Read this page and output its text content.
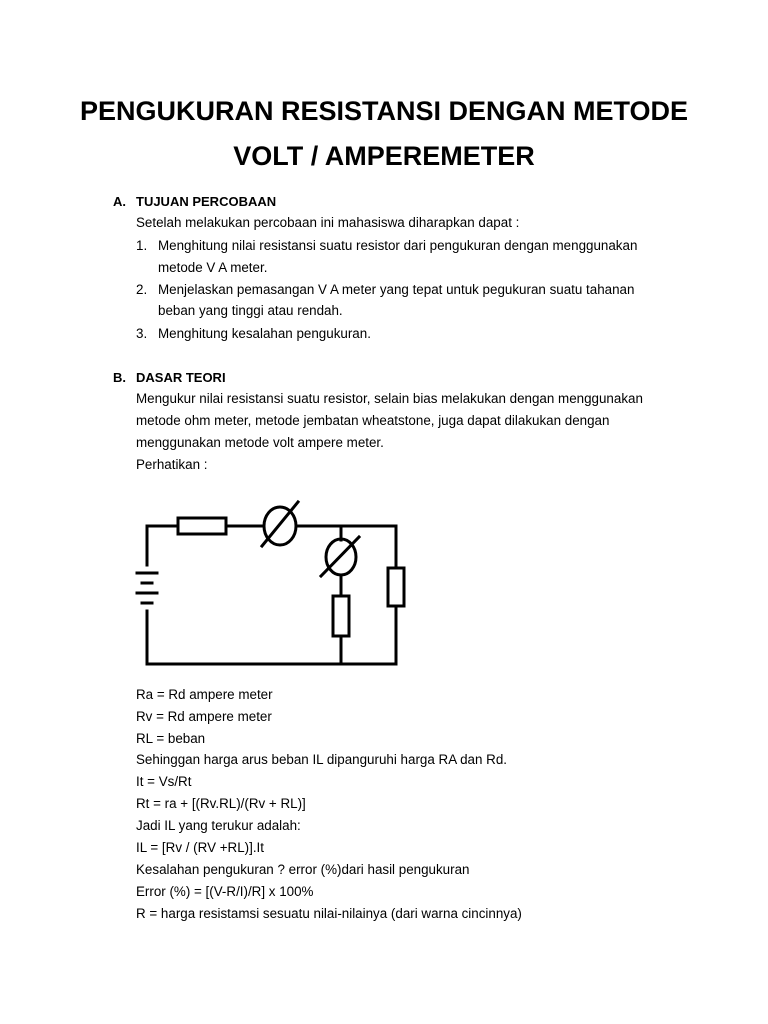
PENGUKURAN RESISTANSI DENGAN METODE
VOLT / AMPEREMETER
A. TUJUAN PERCOBAAN
Setelah melakukan percobaan ini mahasiswa diharapkan dapat :
1. Menghitung nilai resistansi suatu resistor dari pengukuran dengan menggunakan
metode V A meter.
2. Menjelaskan pemasangan V A meter yang tepat untuk pegukuran suatu tahanan
beban yang tinggi atau rendah.
3. Menghitung kesalahan pengukuran.
B. DASAR TEORI
Mengukur nilai resistansi suatu resistor, selain bias melakukan dengan menggunakan
metode ohm meter, metode jembatan wheatstone, juga dapat dilakukan dengan
menggunakan metode volt ampere meter.
Perhatikan :
Ra = Rd ampere meter
Rv = Rd ampere meter
RL = beban
Sehinggan harga arus beban IL dipanguruhi harga RA dan Rd.
It = Vs/Rt
Rt = ra + [(Rv.RL)/(Rv + RL)]
Jadi IL yang terukur adalah:
IL = [Rv / (RV +RL)].It
Kesalahan pengukuran ? error (%)dari hasil pengukuran
Error (%) = [(V-R/I)/R] x 100%
R = harga resistamsi sesuatu nilai-nilainya (dari warna cincinnya)
